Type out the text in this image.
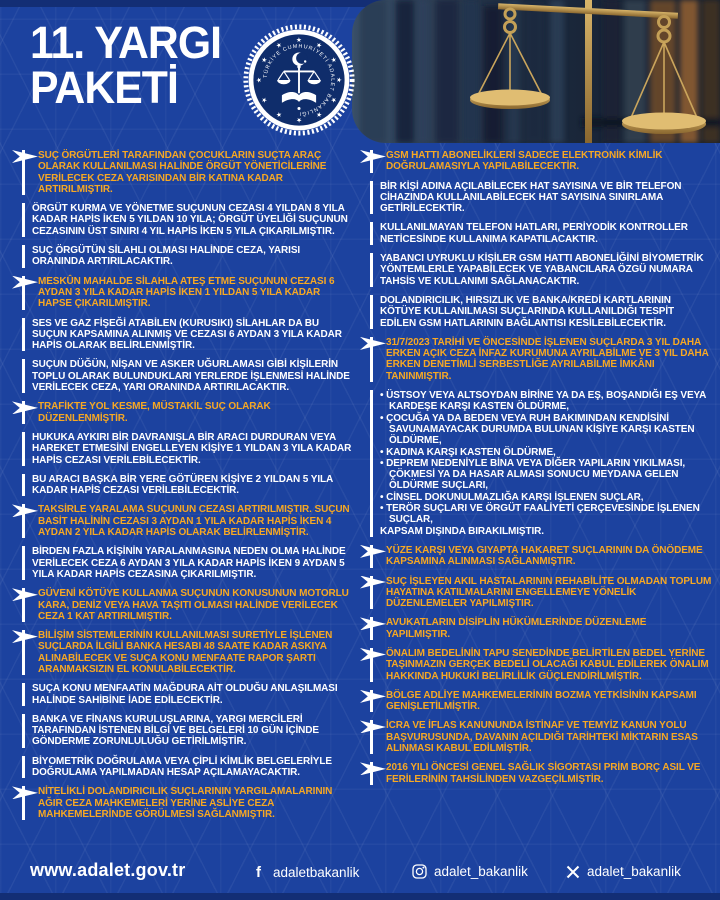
11. YARGI
PAKETİ
★
★
★
★
★
★
★
★
★
★
★
★
TÜRKİYE CUMHURİYETİ ADALET BAKANLIĞI
SUÇ ÖRGÜTLERİ TARAFINDAN ÇOCUKLARIN SUÇTA ARAÇ OLARAK KULLANILMASI HALİNDE ÖRGÜT YÖNETİCİLERİNE VERİLECEK CEZA YARISINDAN BİR KATINA KADAR ARTIRILMIŞTIR.
ÖRGÜT KURMA VE YÖNETME SUÇUNUN CEZASI 4 YILDAN 8 YILA KADAR HAPİS İKEN 5 YILDAN 10 YILA; ÖRGÜT ÜYELİĞİ SUÇUNUN CEZASININ ÜST SINIRI 4 YIL HAPİS İKEN 5 YILA ÇIKARILMIŞTIR.
SUÇ ÖRGÜTÜN SİLAHLI OLMASI HALİNDE CEZA, YARISI ORANINDA ARTIRILACAKTIR.
MESKÛN MAHALDE SİLAHLA ATEŞ ETME SUÇUNUN CEZASI 6 AYDAN 3 YILA KADAR HAPİS İKEN 1 YILDAN 5 YILA KADAR HAPSE ÇIKARILMIŞTIR.
SES VE GAZ FİŞEĞİ ATABİLEN (KURUSIKI) SİLAHLAR DA BU SUÇUN KAPSAMINA ALINMIŞ VE CEZASI 6 AYDAN 3 YILA KADAR HAPİS OLARAK BELİRLENMİŞTİR.
SUÇUN DÜĞÜN, NİŞAN VE ASKER UĞURLAMASI GİBİ KİŞİLERİN TOPLU OLARAK BULUNDUKLARI YERLERDE İŞLENMESİ HALİNDE VERİLECEK CEZA, YARI ORANINDA ARTIRILACAKTIR.
TRAFİKTE YOL KESME, MÜSTAKİL SUÇ OLARAK DÜZENLENMİŞTİR.
HUKUKA AYKIRI BİR DAVRANIŞLA BİR ARACI DURDURAN VEYA HAREKET ETMESİNİ ENGELLEYEN KİŞİYE 1 YILDAN 3 YILA KADAR HAPİS CEZASI VERİLEBİLECEKTİR.
BU ARACI BAŞKA BİR YERE GÖTÜREN KİŞİYE 2 YILDAN 5 YILA KADAR HAPİS CEZASI VERİLEBİLECEKTİR.
TAKSİRLE YARALAMA SUÇUNUN CEZASI ARTIRILMIŞTIR. SUÇUN BASİT HALİNİN CEZASI 3 AYDAN 1 YILA KADAR HAPİS İKEN 4 AYDAN 2 YILA KADAR HAPİS OLARAK BELİRLENMİŞTİR.
BİRDEN FAZLA KİŞİNİN YARALANMASINA NEDEN OLMA HALİNDE VERİLECEK CEZA 6 AYDAN 3 YILA KADAR HAPİS İKEN 9 AYDAN 5 YILA KADAR HAPİS CEZASINA ÇIKARILMIŞTIR.
GÜVENİ KÖTÜYE KULLANMA SUÇUNUN KONUSUNUN MOTORLU KARA, DENİZ VEYA HAVA TAŞITI OLMASI HALİNDE VERİLECEK CEZA 1 KAT ARTIRILMIŞTIR.
BİLİŞİM SİSTEMLERİNİN KULLANILMASI SURETİYLE İŞLENEN SUÇLARDA İLGİLİ BANKA HESABI 48 SAATE KADAR ASKIYA ALINABİLECEK VE SUÇA KONU MENFAATE RAPOR ŞARTI ARANMAKSIZIN EL KONULABİLECEKTİR.
SUÇA KONU MENFAATİN MAĞDURA AİT OLDUĞU ANLAŞILMASI HALİNDE SAHİBİNE İADE EDİLECEKTİR.
BANKA VE FİNANS KURULUŞLARINA, YARGI MERCİLERİ TARAFINDAN İSTENEN BİLGİ VE BELGELERİ 10 GÜN İÇİNDE GÖNDERME ZORUNLULUĞU GETİRİLMİŞTİR.
BİYOMETRİK DOĞRULAMA VEYA ÇİPLİ KİMLİK BELGELERİYLE DOĞRULAMA YAPILMADAN HESAP AÇILAMAYACAKTIR.
NİTELİKLİ DOLANDIRICILIK SUÇLARININ YARGILAMALARININ AĞIR CEZA MAHKEMELERİ YERİNE ASLİYE CEZA MAHKEMELERİNDE GÖRÜLMESİ SAĞLANMIŞTIR.
GSM HATTI ABONELİKLERİ SADECE ELEKTRONİK KİMLİK DOĞRULAMASIYLA YAPILABİLECEKTİR.
BİR KİŞİ ADINA AÇILABİLECEK HAT SAYISINA VE BİR TELEFON CİHAZINDA KULLANILABİLECEK HAT SAYISINA SINIRLAMA GETİRİLECEKTİR.
KULLANILMAYAN TELEFON HATLARI, PERİYODİK KONTROLLER NETİCESİNDE KULLANIMA KAPATILACAKTIR.
YABANCI UYRUKLU KİŞİLER GSM HATTI ABONELİĞİNİ BİYOMETRİK YÖNTEMLERLE YAPABİLECEK VE YABANCILARA ÖZGÜ NUMARA TAHSİS VE KULLANIMI SAĞLANACAKTIR.
DOLANDIRICILIK, HIRSIZLIK VE BANKA/KREDİ KARTLARININ KÖTÜYE KULLANILMASI SUÇLARINDA KULLANILDIĞI TESPİT EDİLEN GSM HATLARININ BAĞLANTISI KESİLEBİLECEKTİR.
31/7/2023 TARİHİ VE ÖNCESİNDE İŞLENEN SUÇLARDA 3 YIL DAHA ERKEN AÇIK CEZA İNFAZ KURUMUNA AYRILABİLME VE 3 YIL DAHA ERKEN DENETİMLİ SERBESTLİĞE AYRILABİLME İMKÂNI TANINMIŞTIR.
• ÜSTSOY VEYA ALTSOYDAN BİRİNE YA DA EŞ, BOŞANDIĞI EŞ VEYA KARDEŞE KARŞI KASTEN ÖLDÜRME,
• ÇOCUĞA YA DA BEDEN VEYA RUH BAKIMINDAN KENDİSİNİ SAVUNAMAYACAK DURUMDA BULUNAN KİŞİYE KARŞI KASTEN ÖLDÜRME,
• KADINA KARŞI KASTEN ÖLDÜRME,
• DEPREM NEDENİYLE BİNA VEYA DİĞER YAPILARIN YIKILMASI, ÇÖKMESİ YA DA HASAR ALMASI SONUCU MEYDANA GELEN ÖLDÜRME SUÇLARI,
• CİNSEL DOKUNULMAZLIĞA KARŞI İŞLENEN SUÇLAR,
• TERÖR SUÇLARI VE ÖRGÜT FAALİYETİ ÇERÇEVESİNDE İŞLENEN SUÇLAR,
KAPSAM DIŞINDA BIRAKILMIŞTIR.
YÜZE KARŞI VEYA GIYAPTA HAKARET SUÇLARININ DA ÖNÖDEME KAPSAMINA ALINMASI SAĞLANMIŞTIR.
SUÇ İŞLEYEN AKIL HASTALARININ REHABİLİTE OLMADAN TOPLUM HAYATINA KATILMALARINI ENGELLEMEYE YÖNELİK DÜZENLEMELER YAPILMIŞTIR.
AVUKATLARIN DİSİPLİN HÜKÜMLERİNDE DÜZENLEME YAPILMIŞTIR.
ÖNALIM BEDELİNİN TAPU SENEDİNDE BELİRTİLEN BEDEL YERİNE TAŞINMAZIN GERÇEK BEDELİ OLACAĞI KABUL EDİLEREK ÖNALIM HAKKINDA HUKUKİ BELİRLİLİK GÜÇLENDİRİLMİŞTİR.
BÖLGE ADLİYE MAHKEMELERİNİN BOZMA YETKİSİNİN KAPSAMI GENİŞLETİLMİŞTİR.
İCRA VE İFLAS KANUNUNDA İSTİNAF VE TEMYİZ KANUN YOLU BAŞVURUSUNDA, DAVANIN AÇILDIĞI TARİHTEKİ MİKTARIN ESAS ALINMASI KABUL EDİLMİŞTİR.
2016 YILI ÖNCESİ GENEL SAĞLIK SİGORTASI PRİM BORÇ ASIL VE FERİLERİNİN TAHSİLİNDEN VAZGEÇİLMİŞTİR.
www.adalet.gov.tr	f adaletbakanlik	adalet_bakanlik	adalet_bakanlik
